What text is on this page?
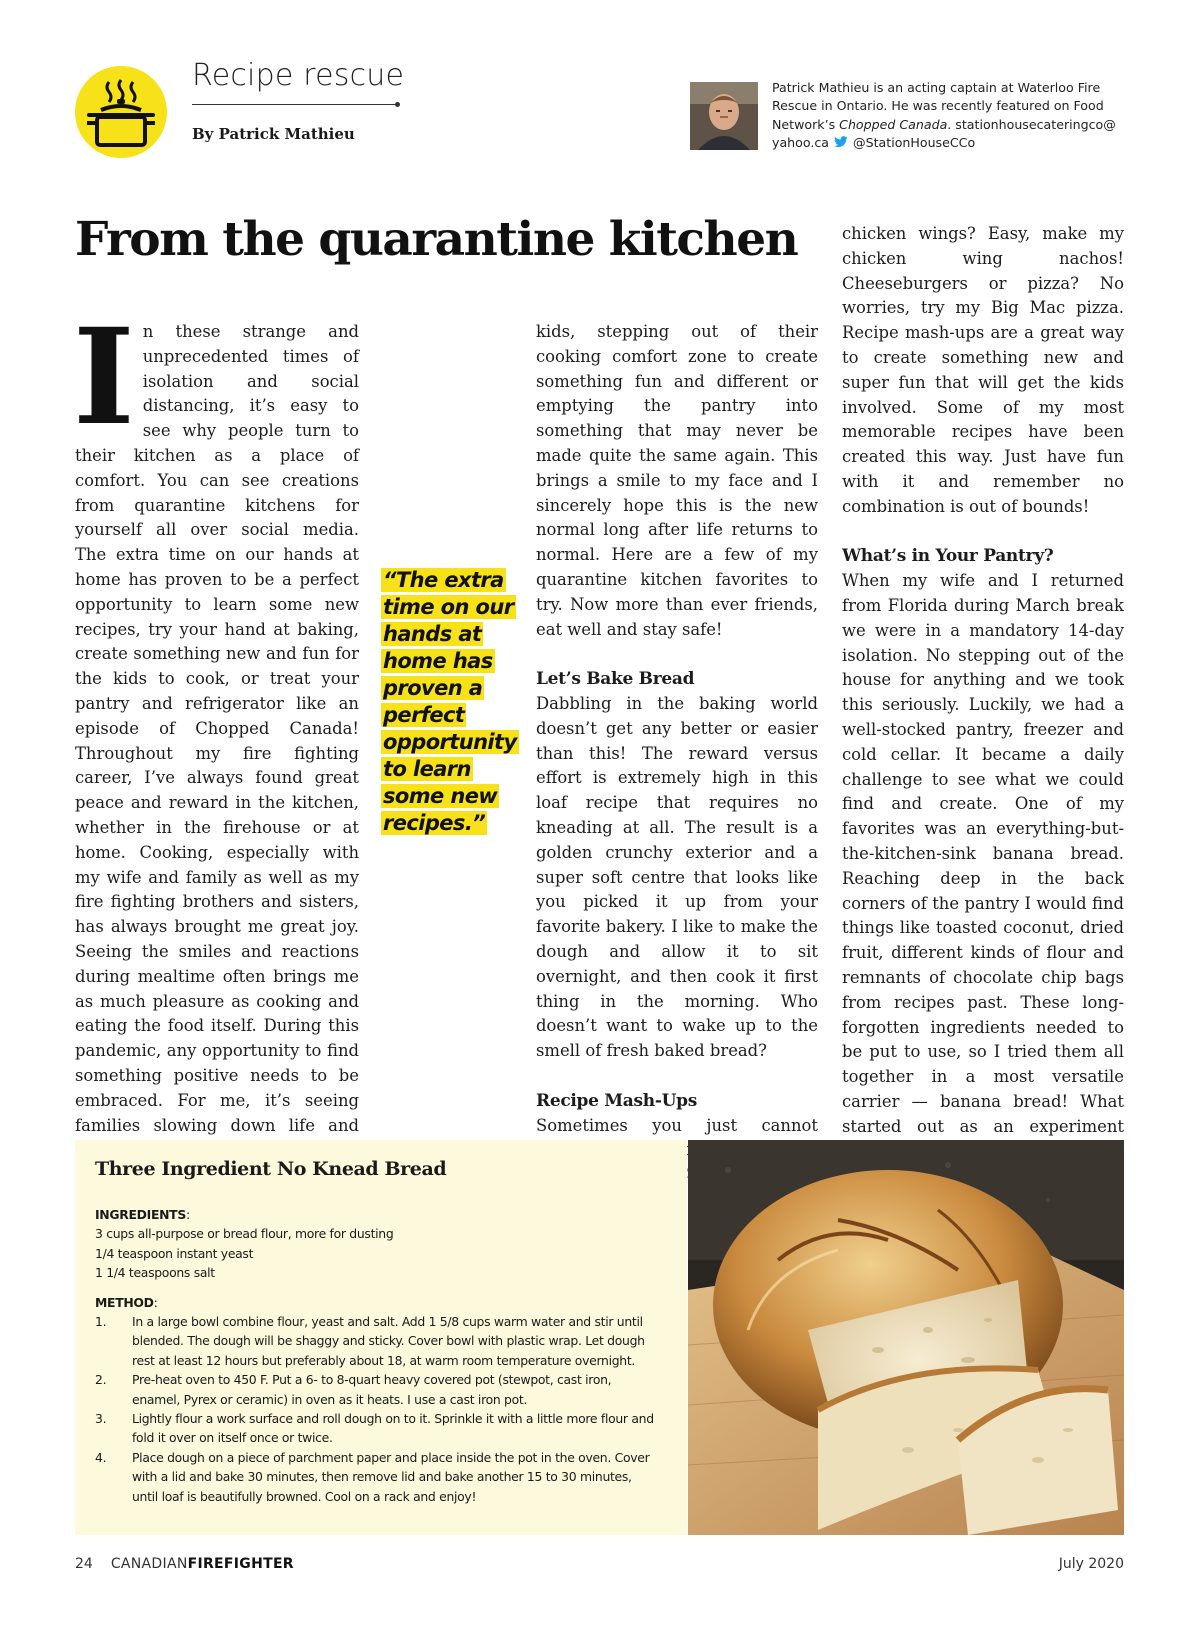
Recipe rescue
By Patrick Mathieu
Patrick Mathieu is an acting captain at Waterloo Fire Rescue in Ontario. He was recently featured on Food Network’s Chopped Canada. stationhousecateringco@ yahoo.ca @StationHouseCCo
From the quarantine kitchen
I n these strange and unprecedented times of isolation and social distancing, it’s easy to see why people turn to their kitchen as a place of comfort. You can see creations from quarantine kitchens for yourself all over social media. The extra time on our hands at home has proven to be a perfect opportunity to learn some new recipes, try your hand at baking, create something new and fun for the kids to cook, or treat your pantry and refrigerator like an episode of Chopped Canada! Throughout my fire fighting career, I’ve always found great peace and reward in the kitchen, whether in the firehouse or at home. Cooking, especially with my wife and family as well as my fire fighting brothers and sisters, has always brought me great joy. Seeing the smiles and reactions during mealtime often brings me as much pleasure as cooking and eating the food itself. During this pandemic, any opportunity to find something positive needs to be embraced. For me, it’s seeing families slowing down life and

“The extra time on our hands at home has proven a perfect opportunity to learn some new recipes.”

kids, stepping out of their cooking comfort zone to create something fun and different or emptying the pantry into something that may never be made quite the same again. This brings a smile to my face and I sincerely hope this is the new normal long after life returns to normal. Here are a few of my quarantine kitchen favorites to try. Now more than ever friends, eat well and stay safe!

Let’s Bake Bread

Dabbling in the baking world doesn’t get any better or easier than this! The reward versus effort is extremely high in this loaf recipe that requires no kneading at all. The result is a golden crunchy exterior and a super soft centre that looks like you picked it up from your favorite bakery. I like to make the dough and allow it to sit overnight, and then cook it first thing in the morning. Who doesn’t want to wake up to the smell of fresh baked bread?

Recipe Mash-Ups

Sometimes you just cannot

chicken wings? Easy, make my chicken wing nachos! Cheeseburgers or pizza? No worries, try my Big Mac pizza. Recipe mash-ups are a great way to create something new and super fun that will get the kids involved. Some of my most memorable recipes have been created this way. Just have fun with it and remember no combination is out of bounds!

What’s in Your Pantry?

When my wife and I returned from Florida during March break we were in a mandatory 14-day isolation. No stepping out of the house for anything and we took this seriously. Luckily, we had a well-stocked pantry, freezer and cold cellar. It became a daily challenge to see what we could find and create. One of my favorites was an everything-but-the-kitchen-sink banana bread. Reaching deep in the back corners of the pantry I would find things like toasted coconut, dried fruit, different kinds of flour and remnants of chocolate chip bags from recipes past. These long-forgotten ingredients needed to be put to use, so I tried them all together in a most versatile carrier — banana bread! What started out as an experiment

Three Ingredient No Knead Bread
INGREDIENTS:
3 cups all-purpose or bread flour, more for dusting
1/4 teaspoon instant yeast
1 1/4 teaspoons salt
METHOD:
1. In a large bowl combine flour, yeast and salt. Add 1 5/8 cups warm water and stir until blended. The dough will be shaggy and sticky. Cover bowl with plastic wrap. Let dough rest at least 12 hours but preferably about 18, at warm room temperature overnight.
2. Pre-heat oven to 450 F. Put a 6- to 8-quart heavy covered pot (stewpot, cast iron, enamel, Pyrex or ceramic) in oven as it heats. I use a cast iron pot.
3. Lightly flour a work surface and roll dough on to it. Sprinkle it with a little more flour and fold it over on itself once or twice.
4. Place dough on a piece of parchment paper and place inside the pot in the oven. Cover with a lid and bake 30 minutes, then remove lid and bake another 15 to 30 minutes, until loaf is beautifully browned. Cool on a rack and enjoy!
24 CANADIANFIREFIGHTER	July 2020
